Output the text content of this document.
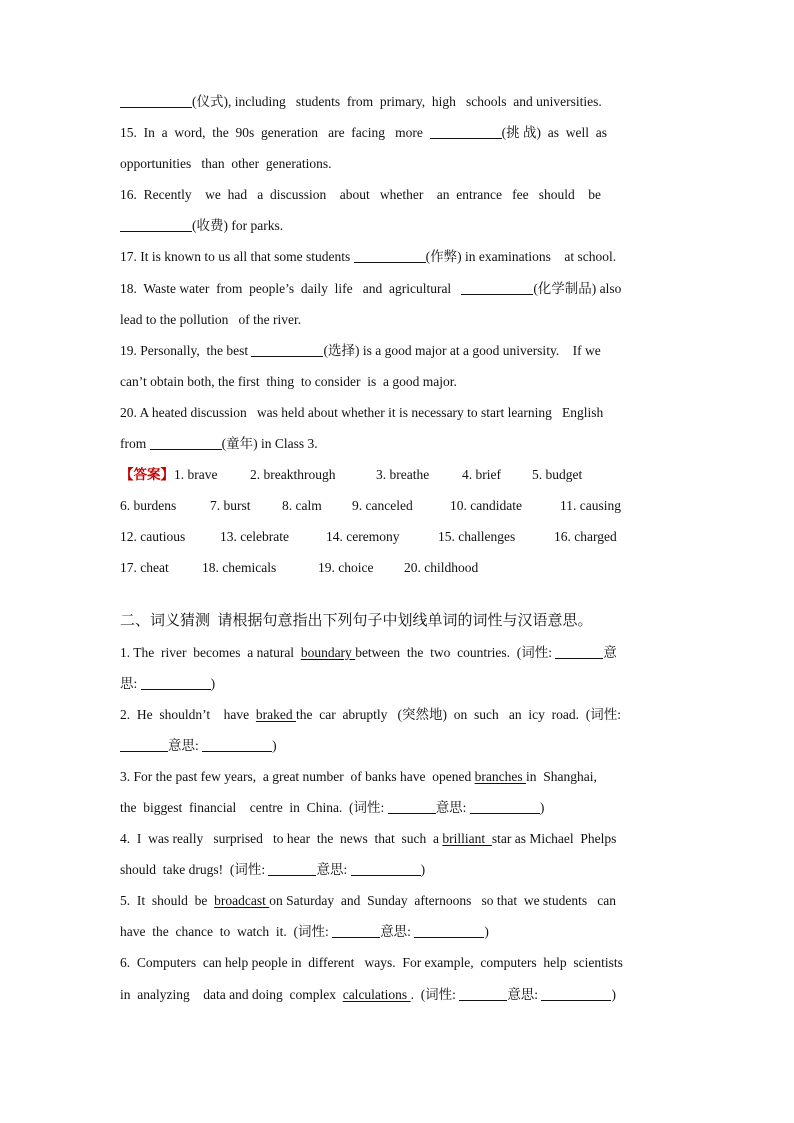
(仪式), including   students  from  primary,  high   schools  and universities.
15.  In  a  word,  the  90s  generation   are  facing   more	(挑 战)  as  well  as
opportunities   than  other  generations.
16.  Recently    we  had   a  discussion    about   whether    an  entrance   fee   should    be
(收费) for parks.
17. It is known to us all that some students	(作弊) in examinations    at school.
18.  Waste water  from  people’s  daily  life   and  agricultural	(化学制品) also
lead to the pollution   of the river.
19. Personally,  the best	(选择) is a good major at a good university.    If we
can’t obtain both, the first  thing  to consider  is  a good major.
20. A heated discussion   was held about whether it is necessary to start learning   English
from	(童年) in Class 3.
【答案】1. brave 2. breakthrough	3. breathe 4. brief 5. budget
6. burdens	7. burst 8. calm 9. canceled	10. candidate	11. causing
12. cautious	13. celebrate	14. ceremony	15. challenges	16. charged
17. cheat 18. chemicals	19. choice 20. childhood
二、词义猜测  请根据句意指出下列句子中划线单词的词性与汉语意思。
1. The  river  becomes  a natural  boundary between  the  two  countries.  (词性:	意
思:	)
2.  He  shouldn’t    have  braked the  car  abruptly   (突然地)  on  such   an  icy  road.  (词性:
意思:	)
3. For the past few years,  a great number  of banks have  opened branches in  Shanghai,
the  biggest  financial    centre  in  China.  (词性:	意思:	)
4.  I  was really   surprised   to hear  the  news  that  such  a brilliant  star as Michael  Phelps
should  take drugs!  (词性:	意思:	)
5.  It  should  be  broadcast on Saturday  and  Sunday  afternoons   so that  we students   can
have  the  chance  to  watch  it.  (词性:	意思:	)
6.  Computers  can help people in  different   ways.  For example,  computers  help  scientists
in  analyzing    data and doing  complex  calculations .  (词性:	意思:	)
